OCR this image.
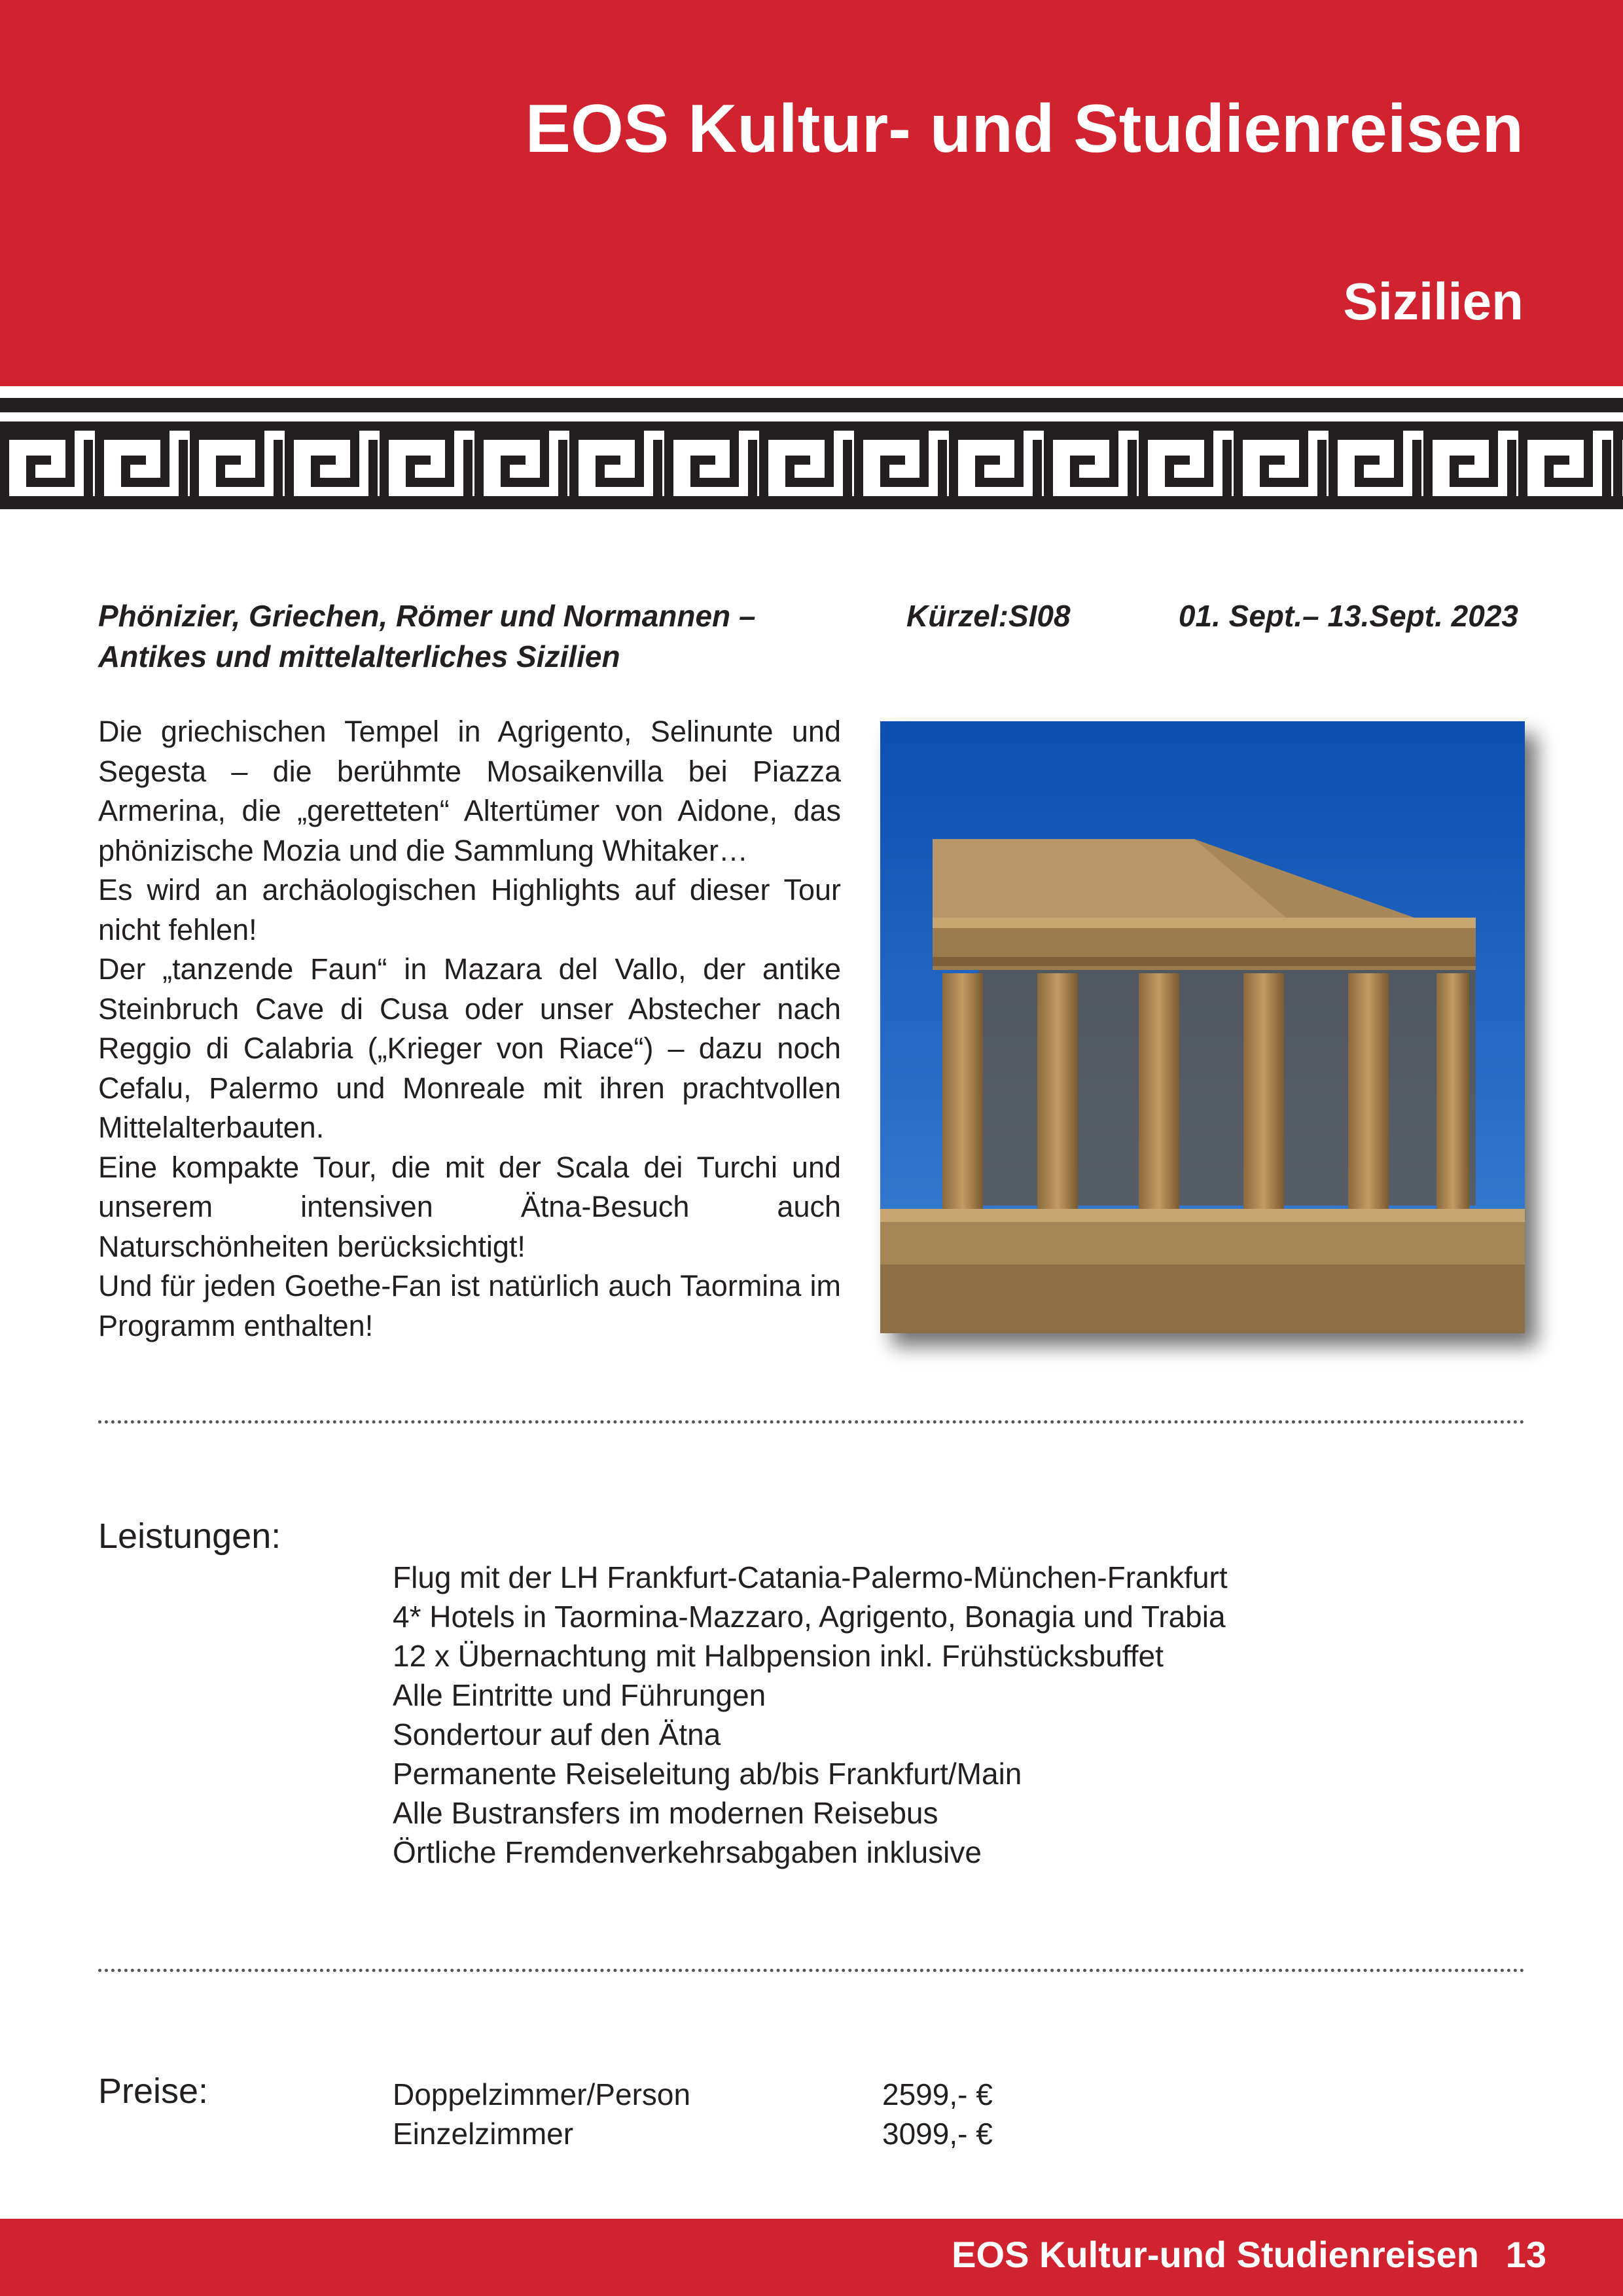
EOS Kultur- und Studienreisen
Sizilien
Phönizier, Griechen, Römer und Normannen –
Antikes und mittelalterliches Sizilien
Kürzel:SI08	01. Sept.– 13.Sept. 2023

Die griechischen Tempel in Agrigento, Selinunte und Segesta – die berühmte Mosaikenvilla bei Piazza Armerina, die „geretteten“ Altertümer von Aidone, das phönizische Mozia und die Sammlung Whitaker…

Es wird an archäologischen Highlights auf dieser Tour nicht fehlen!

Der „tanzende Faun“ in Mazara del Vallo, der antike Steinbruch Cave di Cusa oder unser Abstecher nach Reggio di Calabria („Krieger von Riace“) – dazu noch Cefalu, Palermo und Monreale mit ihren prachtvollen Mittelalterbauten.

Eine kompakte Tour, die mit der Scala dei Turchi und unserem intensiven Ätna-Besuch auch Naturschönheiten berücksichtigt!

Und für jeden Goethe-Fan ist natürlich auch Taormina im Programm enthalten!

Leistungen:
Flug mit der LH Frankfurt-Catania-Palermo-München-Frankfurt
4* Hotels in Taormina-Mazzaro, Agrigento, Bonagia und Trabia
12 x Übernachtung mit Halbpension inkl. Frühstücksbuffet
Alle Eintritte und Führungen
Sondertour auf den Ätna
Permanente Reiseleitung ab/bis Frankfurt/Main
Alle Bustransfers im modernen Reisebus
Örtliche Fremdenverkehrsabgaben inklusive
Preise:	Doppelzimmer/Person	2599,- €
Einzelzimmer	3099,- €
EOS Kultur-und Studienreisen 13
